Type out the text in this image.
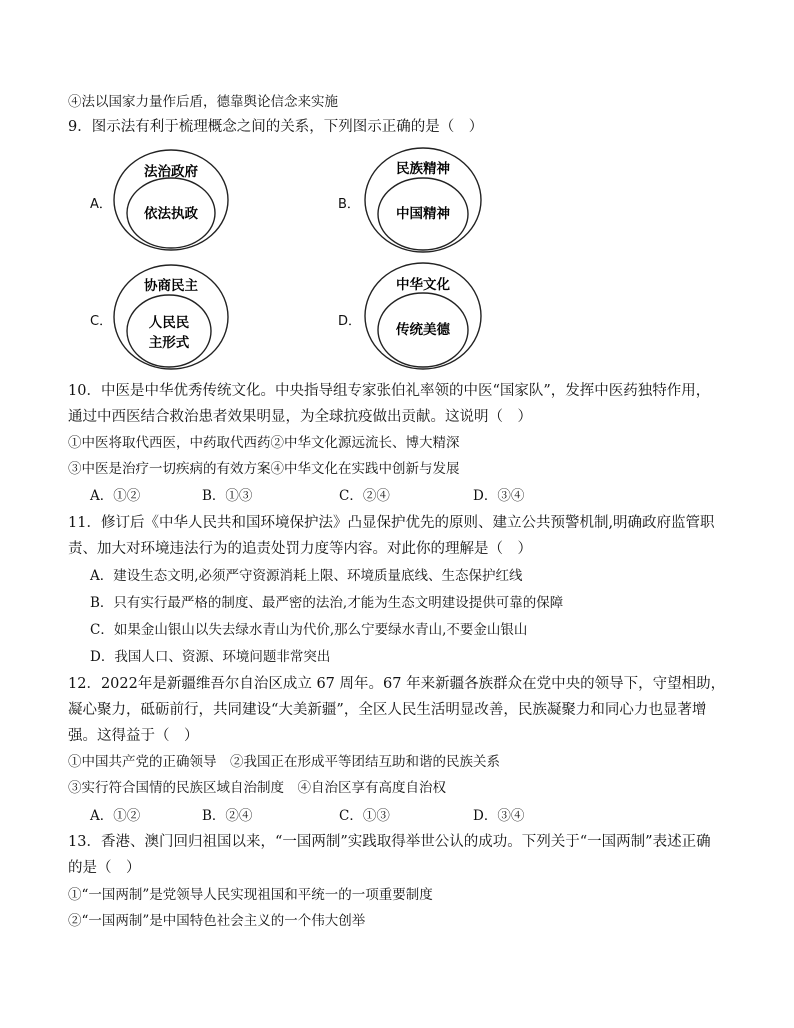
④法以国家力量作后盾，德靠舆论信念来实施
9．图示法有利于梳理概念之间的关系，下列图示正确的是（　）
A．
法治政府
依法执政
B．
民族精神
中国精神
C．
协商民主
人民民
主形式
D．
中华文化
传统美德
10．中医是中华优秀传统文化。中央指导组专家张伯礼率领的中医“国家队”，发挥中医药独特作用，
通过中西医结合救治患者效果明显，为全球抗疫做出贡献。这说明（　）
①中医将取代西医，中药取代西药②中华文化源远流长、博大精深
③中医是治疗一切疾病的有效方案④中华文化在实践中创新与发展
A．①②	B．①③	C．②④	D．③④
11．修订后《中华人民共和国环境保护法》凸显保护优先的原则、建立公共预警机制,明确政府监管职
责、加大对环境违法行为的追责处罚力度等内容。对此你的理解是（　）
A．建设生态文明,必须严守资源消耗上限、环境质量底线、生态保护红线
B．只有实行最严格的制度、最严密的法治,才能为生态文明建设提供可靠的保障
C．如果金山银山以失去绿水青山为代价,那么宁要绿水青山,不要金山银山
D．我国人口、资源、环境问题非常突出
12．2022年是新疆维吾尔自治区成立 67 周年。67 年来新疆各族群众在党中央的领导下，守望相助，
凝心聚力，砥砺前行，共同建设“大美新疆”，全区人民生活明显改善，民族凝聚力和同心力也显著增
强。这得益于（　）
①中国共产党的正确领导　②我国正在形成平等团结互助和谐的民族关系
③实行符合国情的民族区域自治制度　④自治区享有高度自治权
A．①②	B．②④	C．①③	D．③④
13．香港、澳门回归祖国以来，“一国两制”实践取得举世公认的成功。下列关于“一国两制”表述正确
的是（　）
①“一国两制”是党领导人民实现祖国和平统一的一项重要制度
②“一国两制”是中国特色社会主义的一个伟大创举
